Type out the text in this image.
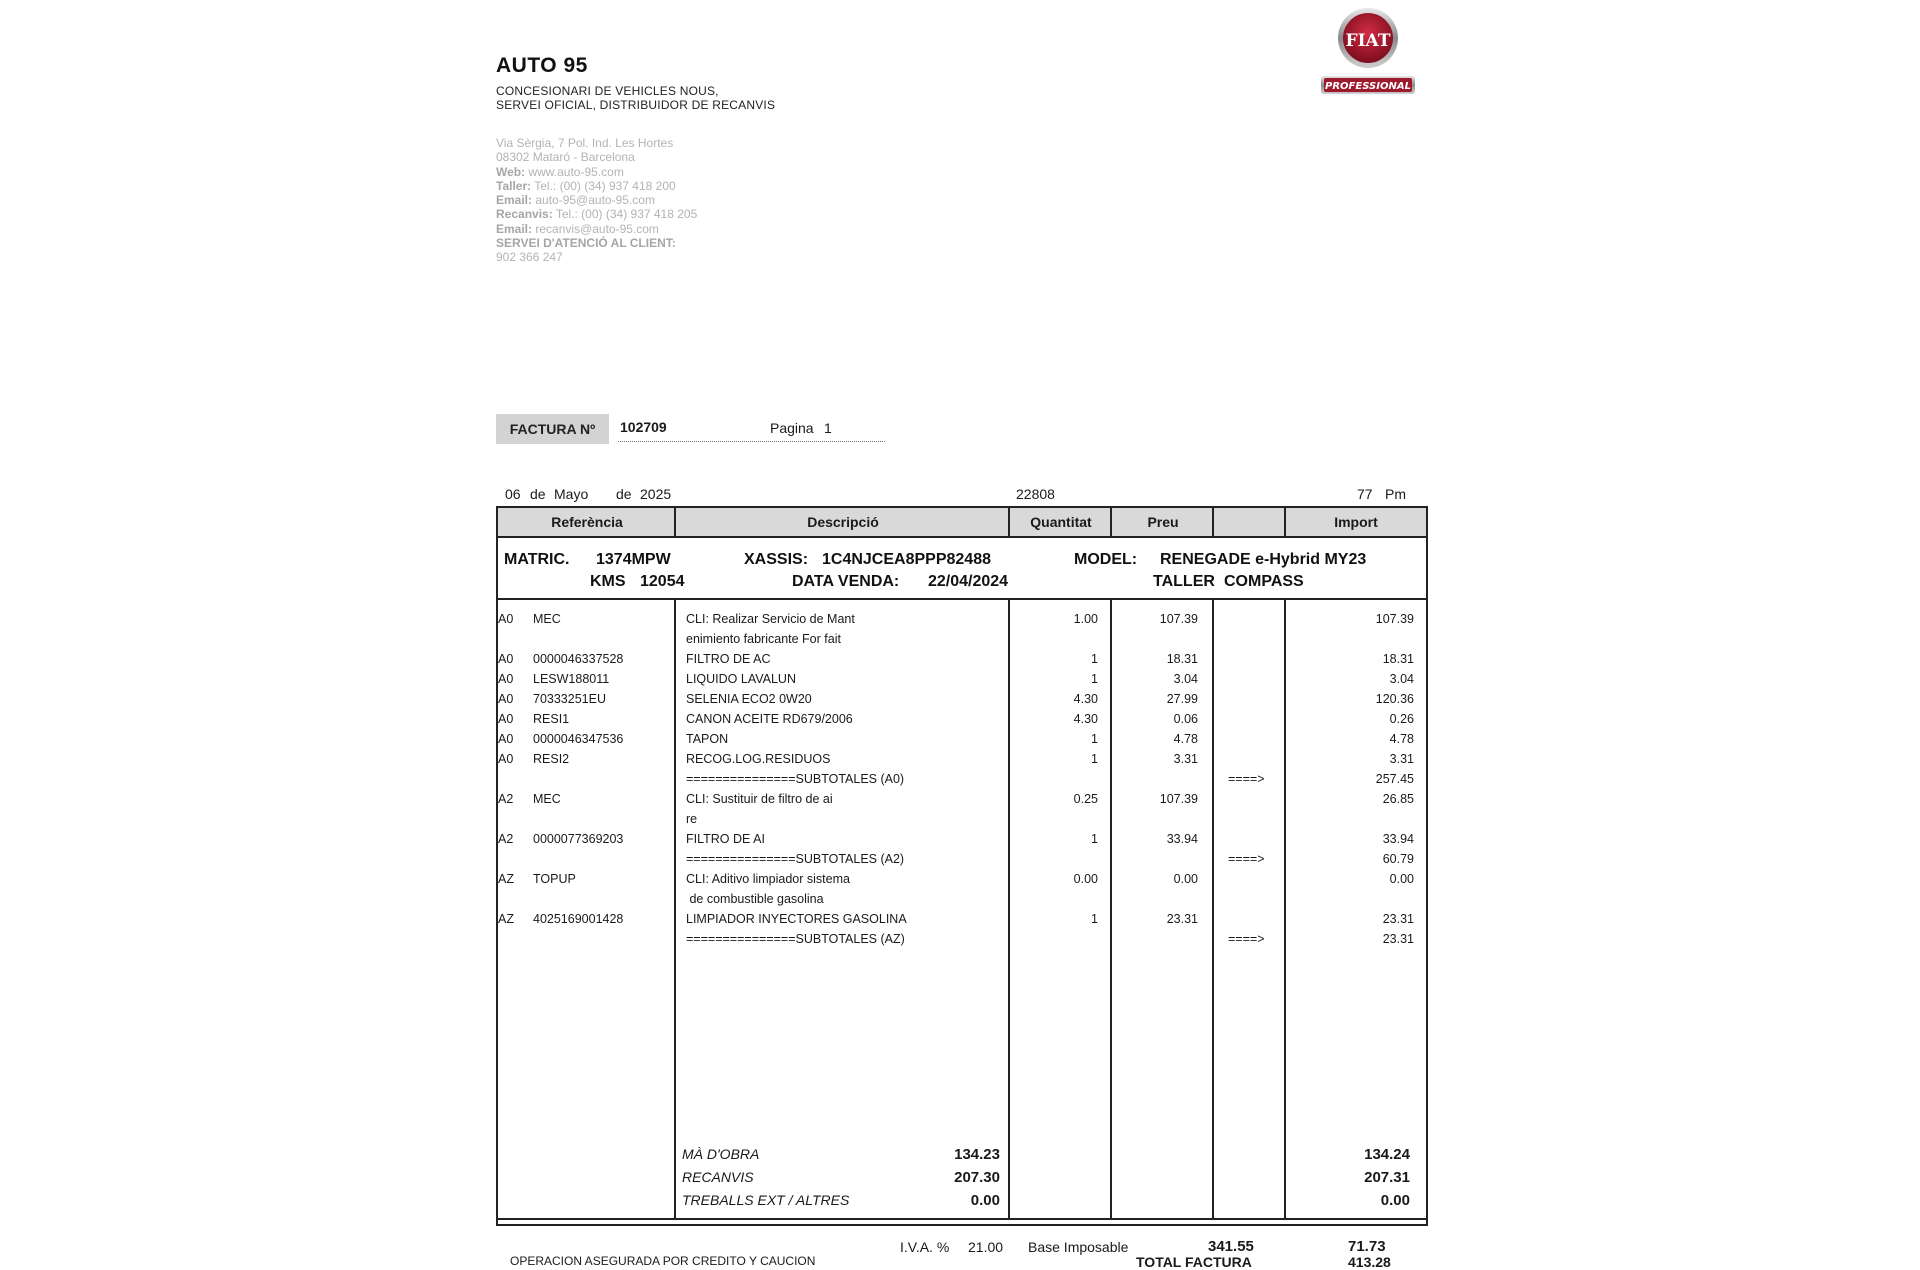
AUTO 95
CONCESIONARI DE VEHICLES NOUS,
SERVEI OFICIAL, DISTRIBUIDOR DE RECANVIS
Via Sèrgia, 7 Pol. Ind. Les Hortes
08302 Mataró - Barcelona
Web: www.auto-95.com
Taller: Tel.: (00) (34) 937 418 200
Email: auto-95@auto-95.com
Recanvis: Tel.: (00) (34) 937 418 205
Email: recanvis@auto-95.com
SERVEI D'ATENCIÓ AL CLIENT:
902 366 247
FIAT
PROFESSIONAL
FACTURA Nº	102709	Pagina 1
06 de Mayo de 2025	22808	77 Pm
Referència	Descripció	Quantitat	Preu	Import
MATRIC. 1374MPW	XASSIS: 1C4NJCEA8PPP82488	MODEL: RENEGADE e-Hybrid MY23
KMS 12054	DATA VENDA: 22/04/2024	TALLER COMPASS
A0	MEC	CLI: Realizar Servicio de Mant	1.00	107.39	107.39
enimiento fabricante For fait
A0	0000046337528	FILTRO DE AC	1	18.31	18.31
A0	LESW188011	LIQUIDO LAVALUN	1	3.04	3.04
A0	70333251EU	SELENIA ECO2 0W20	4.30	27.99	120.36
A0	RESI1	CANON ACEITE RD679/2006	4.30	0.06	0.26
A0	0000046347536	TAPON	1	4.78	4.78
A0	RESI2	RECOG.LOG.RESIDUOS	1	3.31	3.31
===============SUBTOTALES (A0)	====>	257.45
A2	MEC	CLI: Sustituir de filtro de ai	0.25	107.39	26.85
re
A2	0000077369203	FILTRO DE AI	1	33.94	33.94
===============SUBTOTALES (A2)	====>	60.79
AZ	TOPUP	CLI: Aditivo limpiador sistema	0.00	0.00	0.00
de combustible gasolina
AZ	4025169001428	LIMPIADOR INYECTORES GASOLINA	1	23.31	23.31
===============SUBTOTALES (AZ)	====>	23.31
MÀ D'OBRA	134.23	134.24
RECANVIS	207.30	207.31
TREBALLS EXT / ALTRES	0.00	0.00
I.V.A. % 21.00 Base Imposable	341.55	71.73
OPERACION ASEGURADA POR CREDITO Y CAUCION	TOTAL FACTURA	413.28
